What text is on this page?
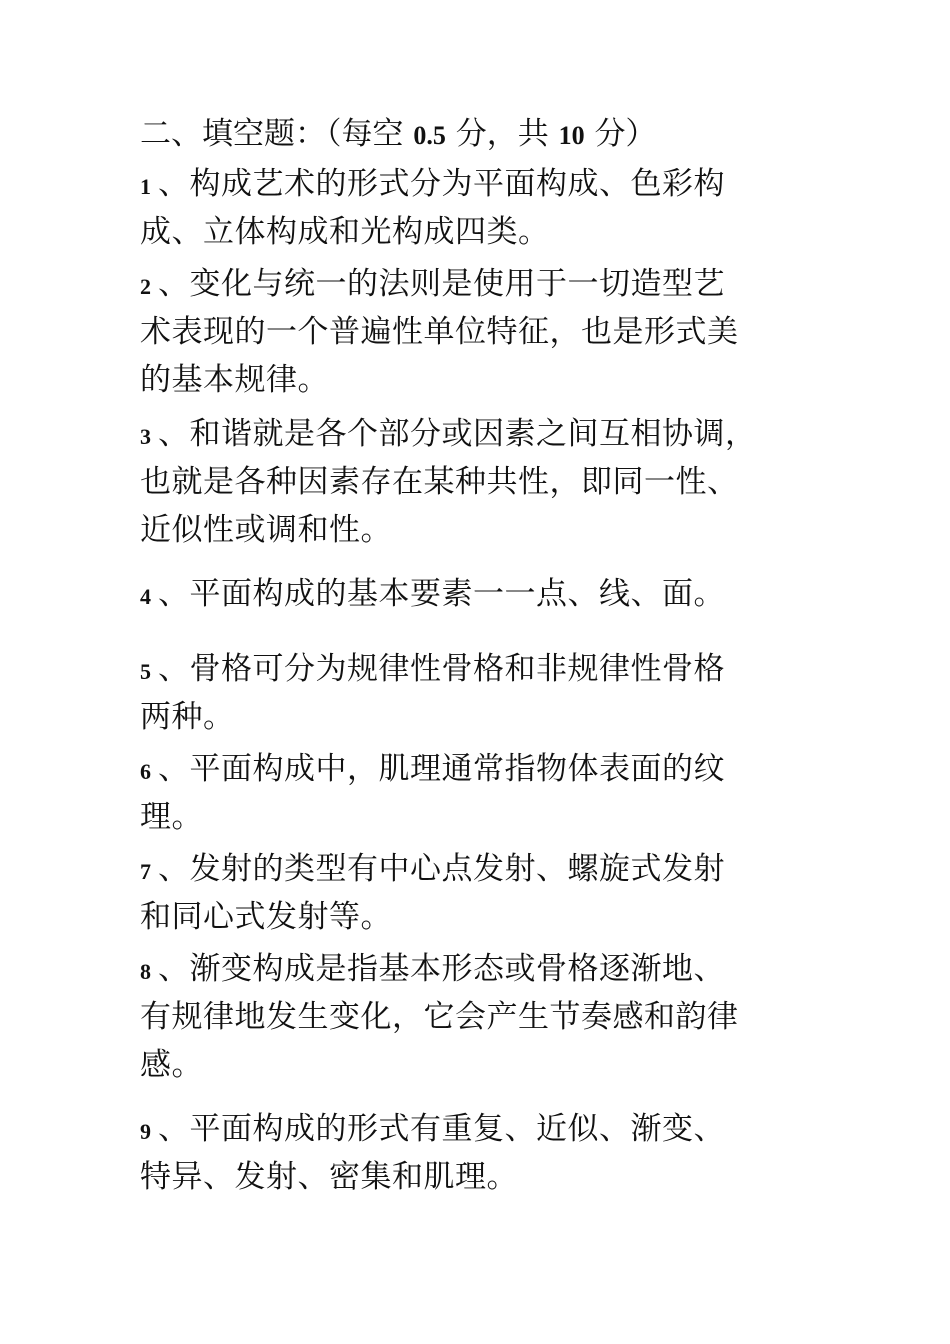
二、填空题：（每空 0.5 分，共 10 分）
1 、构成艺术的形式分为平面构成、色彩构
成、立体构成和光构成四类。
2 、变化与统一的法则是使用于一切造型艺
术表现的一个普遍性单位特征，也是形式美
的基本规律。
3 、和谐就是各个部分或因素之间互相协调，
也就是各种因素存在某种共性，即同一性、
近似性或调和性。
4 、平面构成的基本要素一一点、线、面。
5 、骨格可分为规律性骨格和非规律性骨格
两种。
6 、平面构成中，肌理通常指物体表面的纹
理。
7 、发射的类型有中心点发射、螺旋式发射
和同心式发射等。
8 、渐变构成是指基本形态或骨格逐渐地、
有规律地发生变化，它会产生节奏感和韵律
感。
9 、平面构成的形式有重复、近似、渐变、
特异、发射、密集和肌理。
